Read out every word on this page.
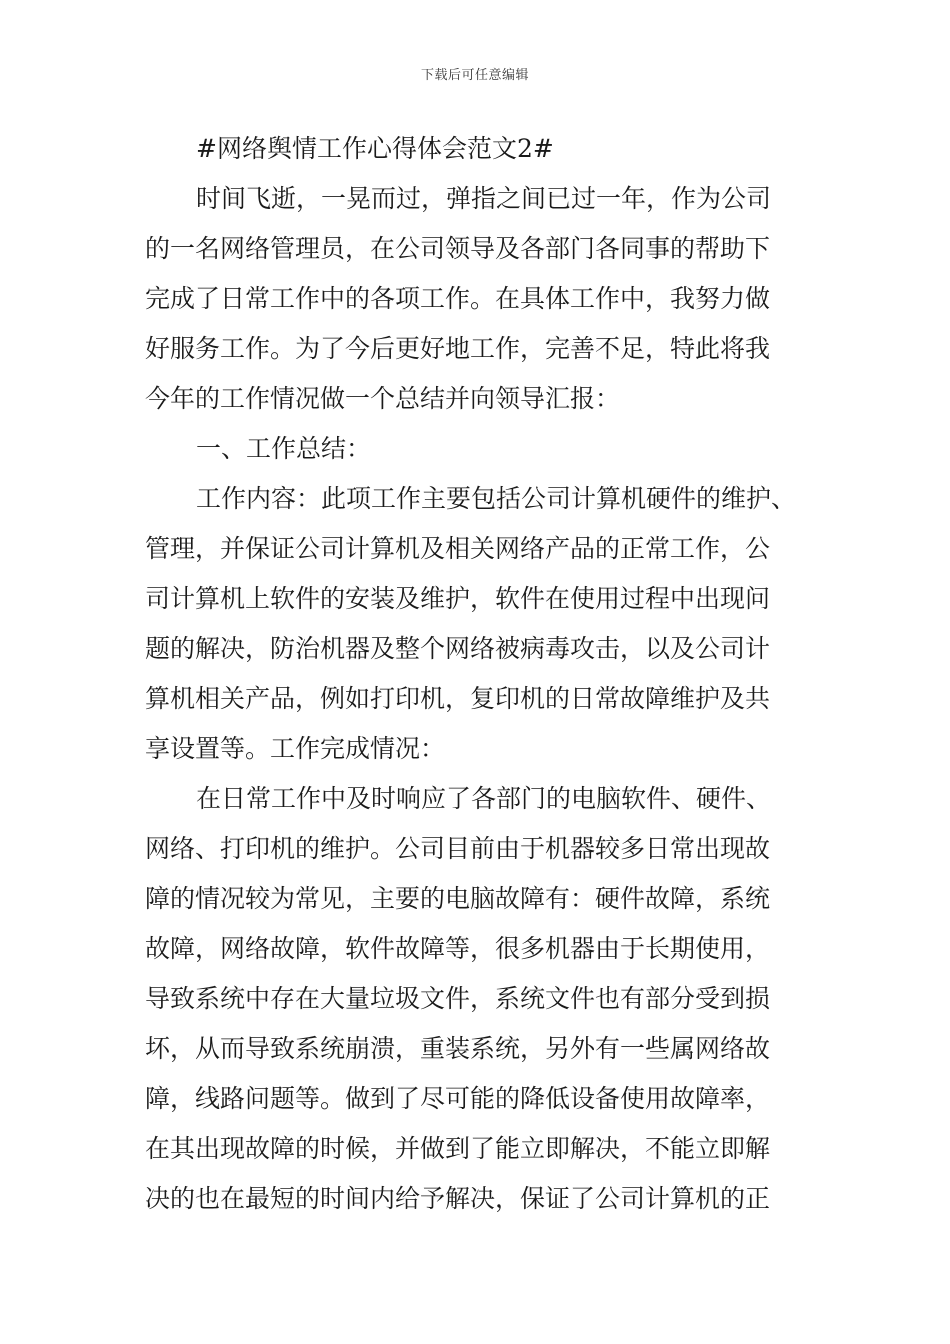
下载后可任意编辑
#网络舆情工作心得体会范文2#
时间飞逝，一晃而过，弹指之间已过一年，作为公司
的一名网络管理员，在公司领导及各部门各同事的帮助下
完成了日常工作中的各项工作。在具体工作中，我努力做
好服务工作。为了今后更好地工作，完善不足，特此将我
今年的工作情况做一个总结并向领导汇报：
一、工作总结：
工作内容：此项工作主要包括公司计算机硬件的维护、
管理，并保证公司计算机及相关网络产品的正常工作，公
司计算机上软件的安装及维护，软件在使用过程中出现问
题的解决，防治机器及整个网络被病毒攻击，以及公司计
算机相关产品，例如打印机，复印机的日常故障维护及共
享设置等。工作完成情况：
在日常工作中及时响应了各部门的电脑软件、硬件、
网络、打印机的维护。公司目前由于机器较多日常出现故
障的情况较为常见，主要的电脑故障有：硬件故障，系统
故障，网络故障，软件故障等，很多机器由于长期使用，
导致系统中存在大量垃圾文件，系统文件也有部分受到损
坏，从而导致系统崩溃，重装系统，另外有一些属网络故
障，线路问题等。做到了尽可能的降低设备使用故障率，
在其出现故障的时候，并做到了能立即解决，不能立即解
决的也在最短的时间内给予解决，保证了公司计算机的正
